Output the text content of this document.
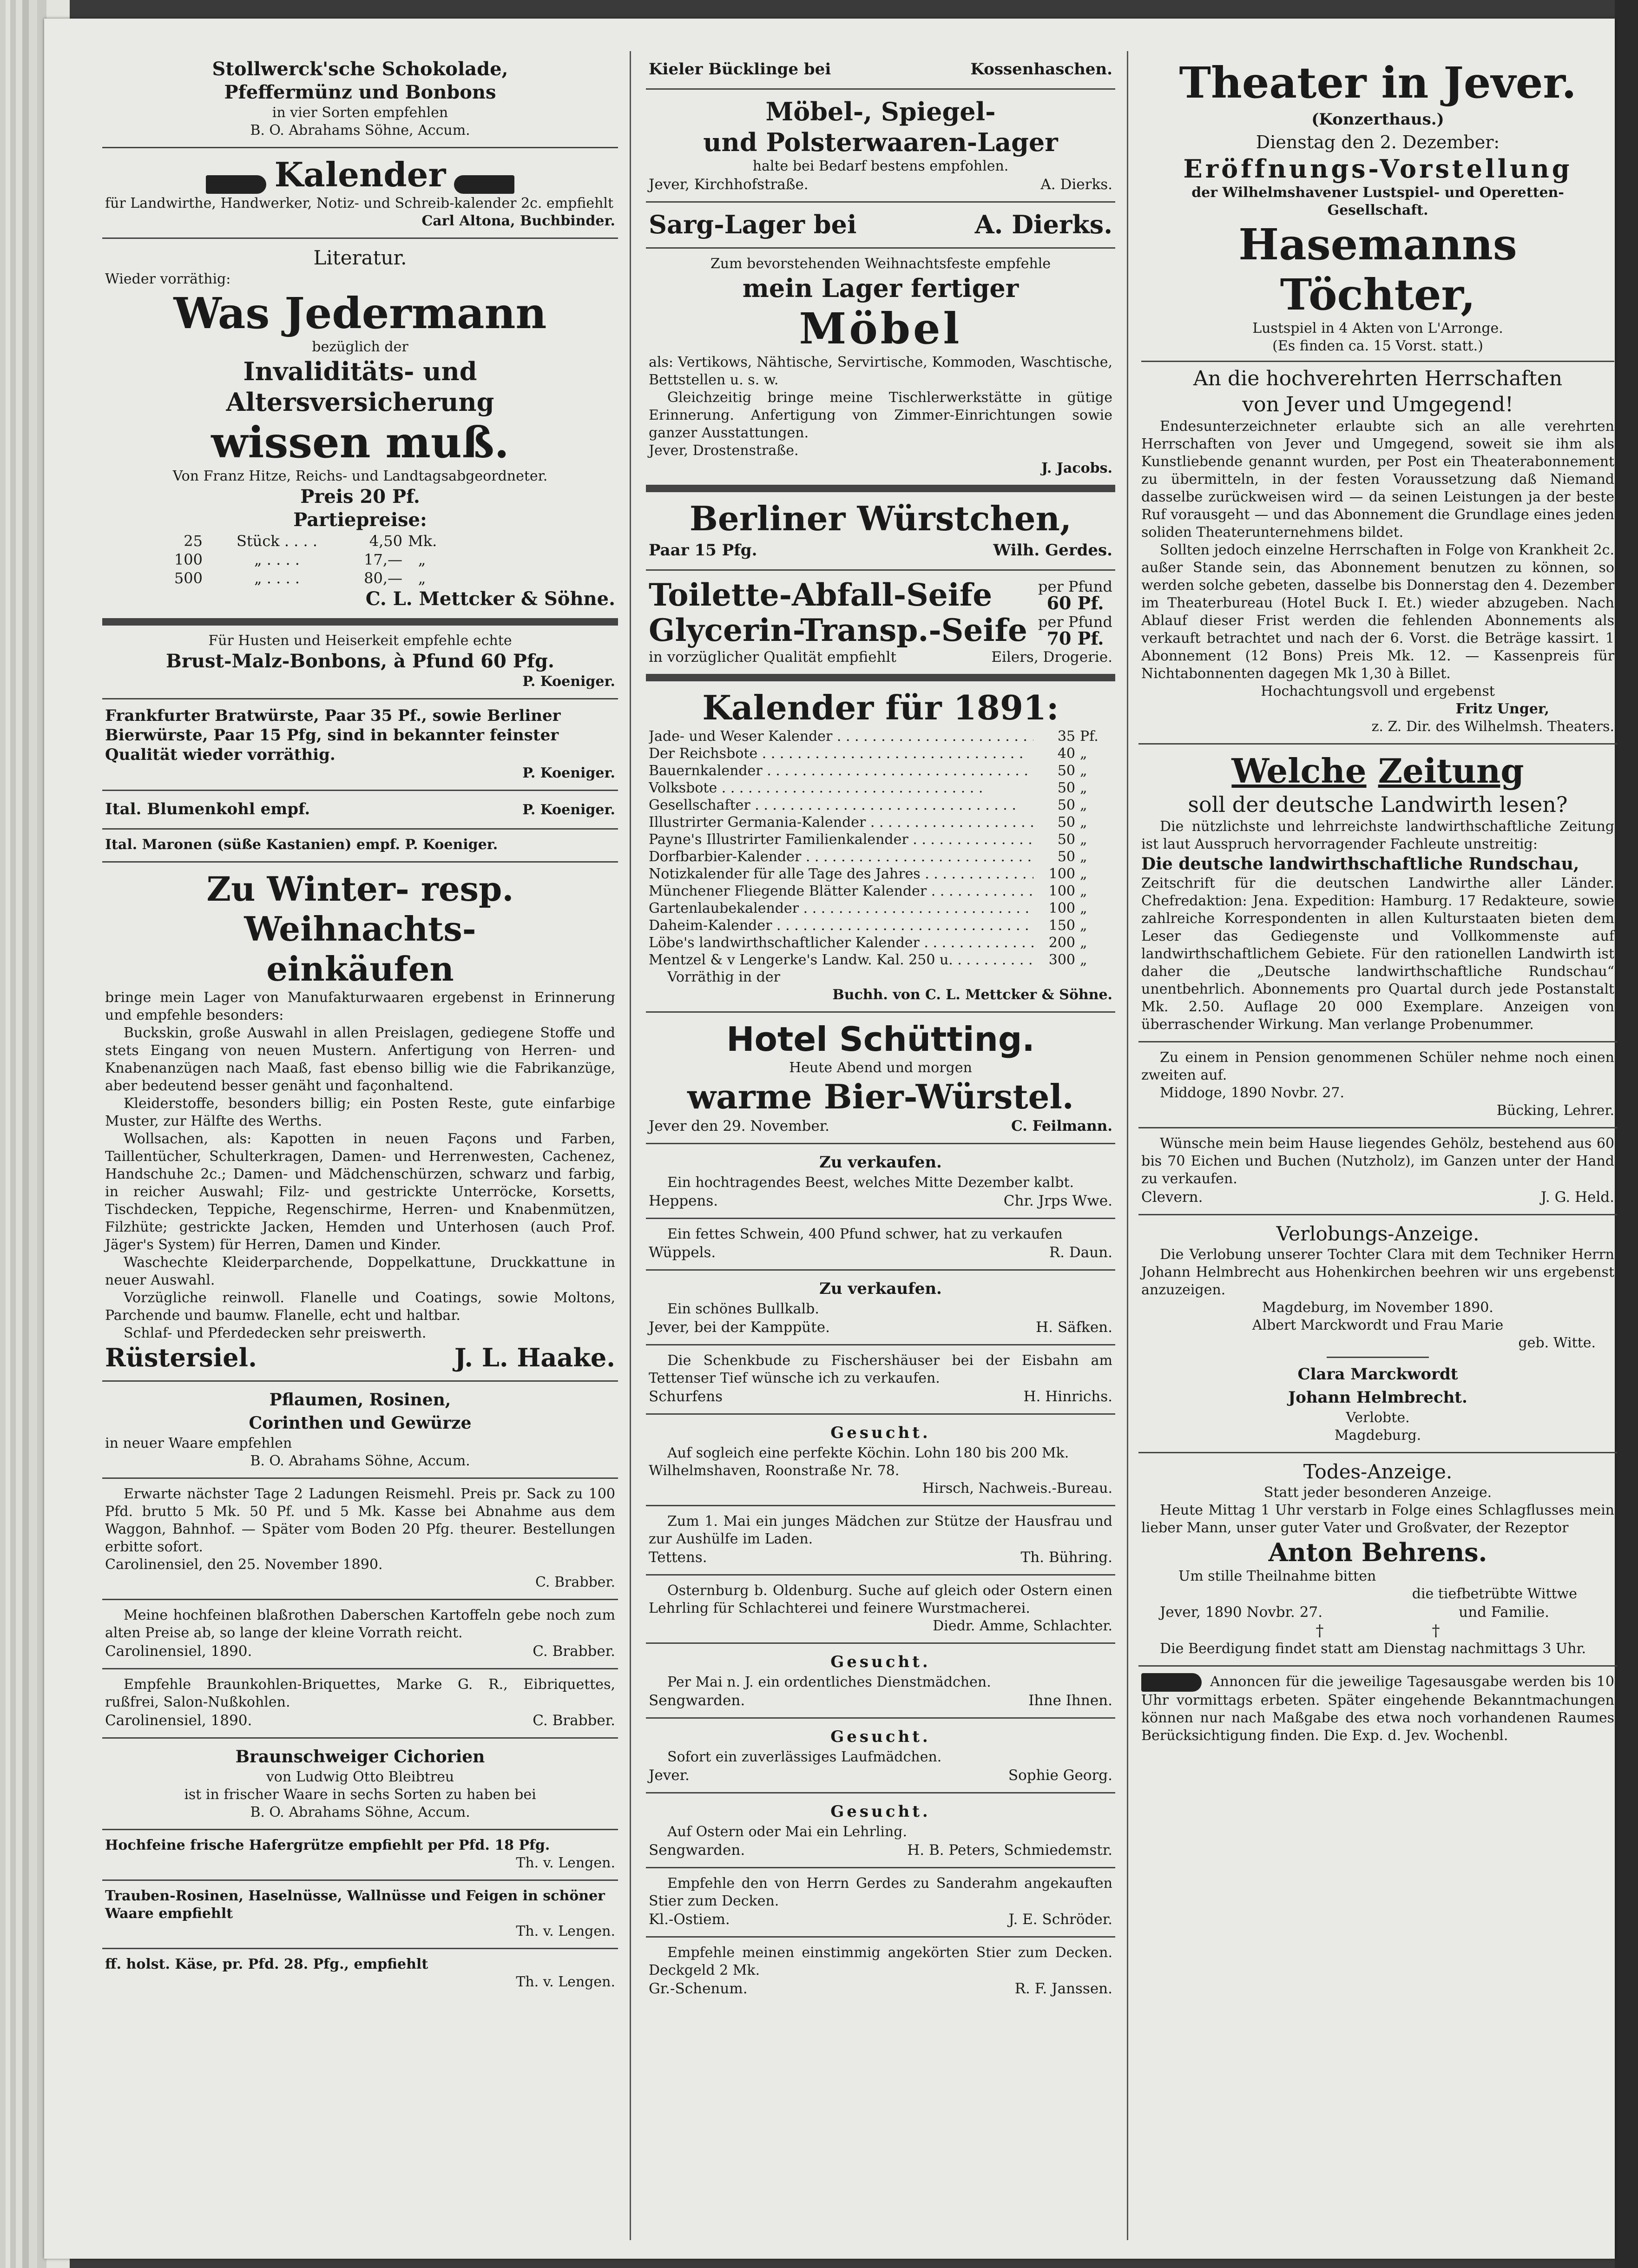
Stollwerck'sche Schokolade,
Pfeffermünz und Bonbons
in vier Sorten empfehlen
B. O. Abrahams Söhne, Accum.
Kalender
für Landwirthe, Handwerker, Notiz- und Schreib-kalender 2c. empfiehlt
Carl Altona, Buchbinder.
Literatur.
Wieder vorräthig:
Was Jedermann
bezüglich der
Invaliditäts- und Altersversicherung
wissen muß.
Von Franz Hitze, Reichs- und Landtagsabgeordneter.
Preis 20 Pf.
Partiepreise:
25	Stück . . . .	4,50 Mk.
100	„ . . . .	17,—	„
500	„ . . . .	80,—	„
C. L. Mettcker & Söhne.
Für Husten und Heiserkeit empfehle echte
Brust-Malz-Bonbons, à Pfund 60 Pfg.
P. Koeniger.
Frankfurter Bratwürste, Paar 35 Pf., sowie Berliner Bierwürste, Paar 15 Pfg, sind in bekannter feinster Qualität wieder vorräthig.
P. Koeniger.
Ital. Blumenkohl empf.	P. Koeniger.
Ital. Maronen (süße Kastanien) empf. P. Koeniger.
Zu Winter- resp. Weihnachts-
einkäufen

bringe mein Lager von Manufakturwaaren ergebenst in Erinnerung und empfehle besonders:

Buckskin, große Auswahl in allen Preislagen, gediegene Stoffe und stets Eingang von neuen Mustern. Anfertigung von Herren- und Knabenanzügen nach Maaß, fast ebenso billig wie die Fabrikanzüge, aber bedeutend besser genäht und façonhaltend.

Kleiderstoffe, besonders billig; ein Posten Reste, gute einfarbige Muster, zur Hälfte des Werths.

Wollsachen, als: Kapotten in neuen Façons und Farben, Taillentücher, Schulterkragen, Damen- und Herrenwesten, Cachenez, Handschuhe 2c.; Damen- und Mädchenschürzen, schwarz und farbig, in reicher Auswahl; Filz- und gestrickte Unterröcke, Korsetts, Tischdecken, Teppiche, Regenschirme, Herren- und Knabenmützen, Filzhüte; gestrickte Jacken, Hemden und Unterhosen (auch Prof. Jäger's System) für Herren, Damen und Kinder.

Waschechte Kleiderparchende, Doppelkattune, Druckkattune in neuer Auswahl.

Vorzügliche reinwoll. Flanelle und Coatings, sowie Moltons, Parchende und baumw. Flanelle, echt und haltbar.

Schlaf- und Pferdedecken sehr preiswerth.

Rüstersiel.	J. L. Haake.
Pflaumen, Rosinen,
Corinthen und Gewürze
in neuer Waare empfehlen
B. O. Abrahams Söhne, Accum.

Erwarte nächster Tage 2 Ladungen Reismehl. Preis pr. Sack zu 100 Pfd. brutto 5 Mk. 50 Pf. und 5 Mk. Kasse bei Abnahme aus dem Waggon, Bahnhof. — Später vom Boden 20 Pfg. theurer. Bestellungen erbitte sofort.

Carolinensiel, den 25. November 1890.

C. Brabber.

Meine hochfeinen blaßrothen Daberschen Kartoffeln gebe noch zum alten Preise ab, so lange der kleine Vorrath reicht.

Carolinensiel, 1890.	C. Brabber.

Empfehle Braunkohlen-Briquettes, Marke G. R., Eibriquettes, rußfrei, Salon-Nußkohlen.

Carolinensiel, 1890.	C. Brabber.
Braunschweiger Cichorien
von Ludwig Otto Bleibtreu
ist in frischer Waare in sechs Sorten zu haben bei
B. O. Abrahams Söhne, Accum.
Hochfeine frische Hafergrütze empfiehlt per Pfd. 18 Pfg.
Th. v. Lengen.
Trauben-Rosinen, Haselnüsse, Wallnüsse und Feigen in schöner Waare empfiehlt
Th. v. Lengen.
ff. holst. Käse, pr. Pfd. 28. Pfg., empfiehlt
Th. v. Lengen.
Kieler Bücklinge bei	Kossenhaschen.
Möbel-, Spiegel-
und Polsterwaaren-Lager
halte bei Bedarf bestens empfohlen.
Jever, Kirchhofstraße.	A. Dierks.
Sarg-Lager bei	A. Dierks.
Zum bevorstehenden Weihnachtsfeste empfehle
mein Lager fertiger
Möbel

als: Vertikows, Nähtische, Servirtische, Kommoden, Waschtische, Bettstellen u. s. w.

Gleichzeitig bringe meine Tischlerwerkstätte in gütige Erinnerung. Anfertigung von Zimmer-Einrichtungen sowie ganzer Ausstattungen.

Jever, Drostenstraße.

J. Jacobs.
Berliner Würstchen,
Paar 15 Pfg.	Wilh. Gerdes.
Toilette-Abfall-Seife	per Pfund
60 Pf.
Glycerin-Transp.-Seife per Pfund
70 Pf.
in vorzüglicher Qualität empfiehlt	Eilers, Drogerie.
Kalender für 1891:
Jade- und Weser Kalender . . .	35 Pf.
Der Reichsbote . . .	40 „
Bauernkalender . . .	50 „
Volksbote . . .	50 „
Gesellschafter . . .	50 „
Illustrirter Germania-Kalender . . .	50 „
Payne's Illustrirter Familienkalender . . .	50 „
Dorfbarbier-Kalender . . .	50 „
Notizkalender für alle Tage des Jahres . . .	100 „
Münchener Fliegende Blätter Kalender . . .	100 „
Gartenlaubekalender . . .	100 „
Daheim-Kalender . . .	150 „
Löbe's landwirthschaftlicher Kalender . . .	200 „
Mentzel & v Lengerke's Landw. Kal. 250 u. . . .	300 „
Vorräthig in der
Buchh. von C. L. Mettcker & Söhne.
Hotel Schütting.
Heute Abend und morgen
warme Bier-Würstel.
Jever den 29. November.	C. Feilmann.
Zu verkaufen.

Ein hochtragendes Beest, welches Mitte Dezember kalbt.

Heppens.	Chr. Jrps Wwe.

Ein fettes Schwein, 400 Pfund schwer, hat zu verkaufen

Wüppels.	R. Daun.
Zu verkaufen.

Ein schönes Bullkalb.

Jever, bei der Kamppüte.	H. Säfken.

Die Schenkbude zu Fischershäuser bei der Eisbahn am Tettenser Tief wünsche ich zu verkaufen.

Schurfens	H. Hinrichs.
Gesucht.

Auf sogleich eine perfekte Köchin. Lohn 180 bis 200 Mk.

Wilhelmshaven, Roonstraße Nr. 78.

Hirsch, Nachweis.-Bureau.

Zum 1. Mai ein junges Mädchen zur Stütze der Hausfrau und zur Aushülfe im Laden.

Tettens.	Th. Bühring.

Osternburg b. Oldenburg. Suche auf gleich oder Ostern einen Lehrling für Schlachterei und feinere Wurstmacherei.

Diedr. Amme, Schlachter.
Gesucht.

Per Mai n. J. ein ordentliches Dienstmädchen.

Sengwarden.	Ihne Ihnen.
Gesucht.

Sofort ein zuverlässiges Laufmädchen.

Jever.	Sophie Georg.
Gesucht.

Auf Ostern oder Mai ein Lehrling.

Sengwarden.	H. B. Peters, Schmiedemstr.

Empfehle den von Herrn Gerdes zu Sanderahm angekauften Stier zum Decken.

Kl.-Ostiem.	J. E. Schröder.

Empfehle meinen einstimmig angekörten Stier zum Decken. Deckgeld 2 Mk.

Gr.-Schenum.	R. F. Janssen.
Theater in Jever.
(Konzerthaus.)
Dienstag den 2. Dezember:
Eröffnungs-Vorstellung
der Wilhelmshavener Lustspiel- und Operetten-Gesellschaft.
Hasemanns Töchter,
Lustspiel in 4 Akten von L'Arronge.
(Es finden ca. 15 Vorst. statt.)
An die hochverehrten Herrschaften
von Jever und Umgegend!

Endesunterzeichneter erlaubte sich an alle verehrten Herrschaften von Jever und Umgegend, soweit sie ihm als Kunstliebende genannt wurden, per Post ein Theaterabonnement zu übermitteln, in der festen Voraussetzung daß Niemand dasselbe zurückweisen wird — da seinen Leistungen ja der beste Ruf vorausgeht — und das Abonnement die Grundlage eines jeden soliden Theaterunternehmens bildet.

Sollten jedoch einzelne Herrschaften in Folge von Krankheit 2c. außer Stande sein, das Abonnement benutzen zu können, so werden solche gebeten, dasselbe bis Donnerstag den 4. Dezember im Theaterbureau (Hotel Buck I. Et.) wieder abzugeben. Nach Ablauf dieser Frist werden die fehlenden Abonnements als verkauft betrachtet und nach der 6. Vorst. die Beträge kassirt. 1 Abonnement (12 Bons) Preis Mk. 12. — Kassenpreis für Nichtabonnenten dagegen Mk 1,30 à Billet.

Hochachtungsvoll und ergebenst
Fritz Unger,
z. Z. Dir. des Wilhelmsh. Theaters.
Welche Zeitung
soll der deutsche Landwirth lesen?

Die nützlichste und lehrreichste landwirthschaftliche Zeitung ist laut Ausspruch hervorragender Fachleute unstreitig:

Die deutsche landwirthschaftliche Rundschau,

Zeitschrift für die deutschen Landwirthe aller Länder. Chefredaktion: Jena. Expedition: Hamburg. 17 Redakteure, sowie zahlreiche Korrespondenten in allen Kulturstaaten bieten dem Leser das Gediegenste und Vollkommenste auf landwirthschaftlichem Gebiete. Für den rationellen Landwirth ist daher die „Deutsche landwirthschaftliche Rundschau“ unentbehrlich. Abonnements pro Quartal durch jede Postanstalt Mk. 2.50. Auflage 20 000 Exemplare. Anzeigen von überraschender Wirkung. Man verlange Probenummer.

Zu einem in Pension genommenen Schüler nehme noch einen zweiten auf.

Middoge, 1890 Novbr. 27.

Bücking, Lehrer.

Wünsche mein beim Hause liegendes Gehölz, bestehend aus 60 bis 70 Eichen und Buchen (Nutzholz), im Ganzen unter der Hand zu verkaufen.

Clevern.	J. G. Held.
Verlobungs-Anzeige.

Die Verlobung unserer Tochter Clara mit dem Techniker Herrn Johann Helmbrecht aus Hohenkirchen beehren wir uns ergebenst anzuzeigen.

Magdeburg, im November 1890.
Albert Marckwordt und Frau Marie
geb. Witte.
Clara Marckwordt
Johann Helmbrecht.
Verlobte.
Magdeburg.
Todes-Anzeige.
Statt jeder besonderen Anzeige.

Heute Mittag 1 Uhr verstarb in Folge eines Schlagflusses mein lieber Mann, unser guter Vater und Großvater, der Rezeptor

Anton Behrens.
Um stille Theilnahme bitten
die tiefbetrübte Wittwe
Jever, 1890 Novbr. 27.	und Familie.
†	†

Die Beerdigung findet statt am Dienstag nachmittags 3 Uhr.

Annoncen für die jeweilige Tagesausgabe werden bis 10 Uhr vormittags erbeten. Später eingehende Bekanntmachungen können nur nach Maßgabe des etwa noch vorhandenen Raumes Berücksichtigung finden. Die Exp. d. Jev. Wochenbl.
